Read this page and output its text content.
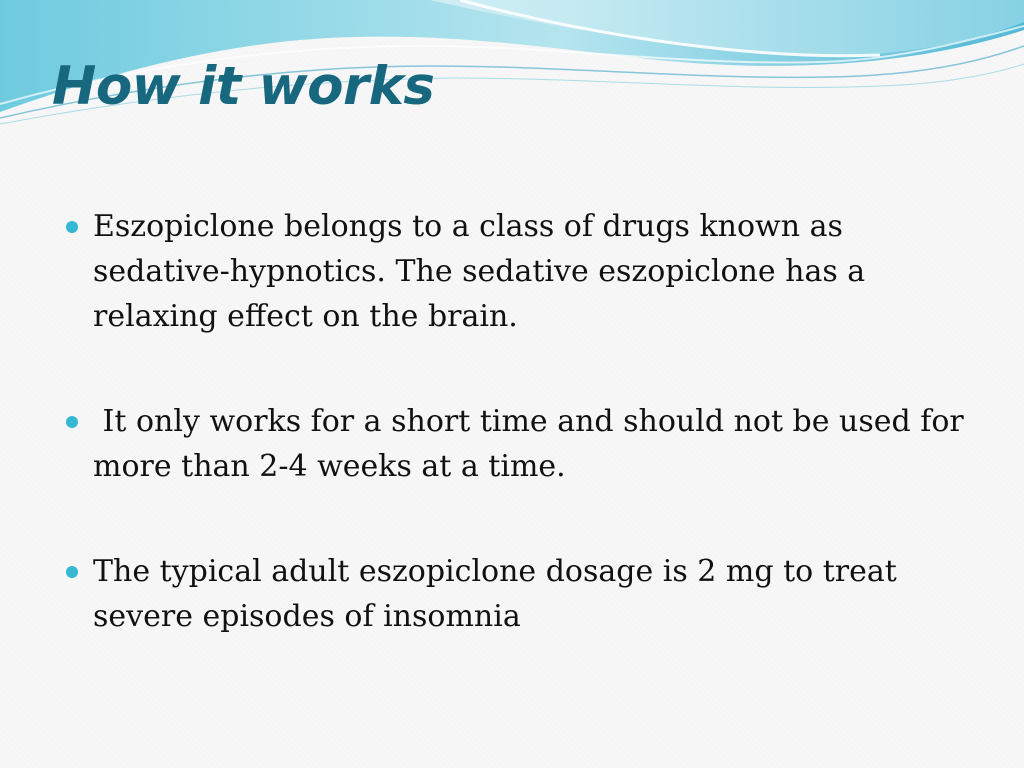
How it works
Eszopiclone belongs to a class of drugs known as sedative-hypnotics. The sedative eszopiclone has a relaxing effect on the brain.
It only works for a short time and should not be used for more than 2-4 weeks at a time.
The typical adult eszopiclone dosage is 2 mg to treat severe episodes of insomnia
